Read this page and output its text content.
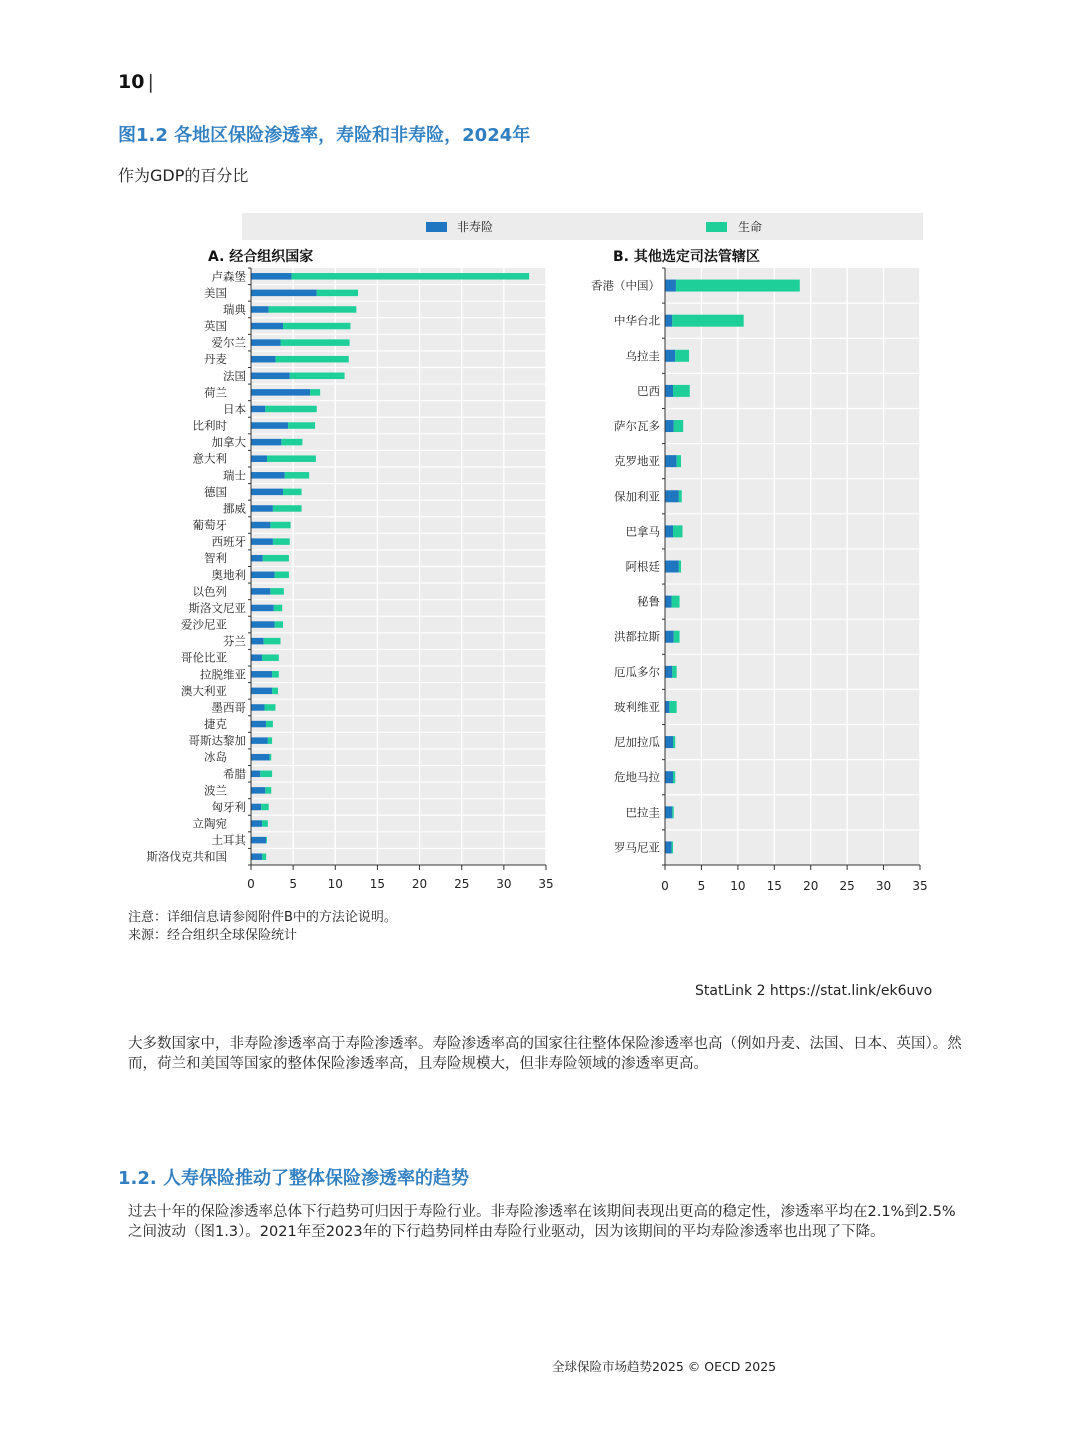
10 |
图1.2 各地区保险渗透率，寿险和非寿险，2024年
作为GDP的百分比
非寿险	生命
A. 经合组织国家	B. 其他选定司法管辖区
卢森堡
美国
瑞典
英国
爱尔兰
丹麦
法国
荷兰
日本
比利时
加拿大
意大利
瑞士
德国
挪威
葡萄牙
西班牙
智利
奥地利
以色列
斯洛文尼亚
爱沙尼亚
芬兰
哥伦比亚
拉脱维亚
澳大利亚
墨西哥
捷克
哥斯达黎加
冰岛
希腊
波兰
匈牙利
立陶宛
土耳其
斯洛伐克共和国
0	5	10 15 20 25 30 35
香港（中国）
中华台北
乌拉圭
巴西
萨尔瓦多
克罗地亚
保加利亚
巴拿马
阿根廷
秘鲁
洪都拉斯
厄瓜多尔
玻利维亚
尼加拉瓜
危地马拉
巴拉圭
罗马尼亚
0 5 10 15 20 25 30 35
注意：详细信息请参阅附件B中的方法论说明。
来源：经合组织全球保险统计
StatLink 2 https://stat.link/ek6uvo
大多数国家中，非寿险渗透率高于寿险渗透率。寿险渗透率高的国家往往整体保险渗透率也高（例如丹麦、法国、日本、英国）。然而，荷兰和美国等国家的整体保险渗透率高，且寿险规模大，但非寿险领域的渗透率更高。
1.2. 人寿保险推动了整体保险渗透率的趋势
过去十年的保险渗透率总体下行趋势可归因于寿险行业。非寿险渗透率在该期间表现出更高的稳定性，渗透率平均在2.1%到2.5%之间波动（图1.3）。2021年至2023年的下行趋势同样由寿险行业驱动，因为该期间的平均寿险渗透率也出现了下降。
全球保险市场趋势2025 © OECD 2025
